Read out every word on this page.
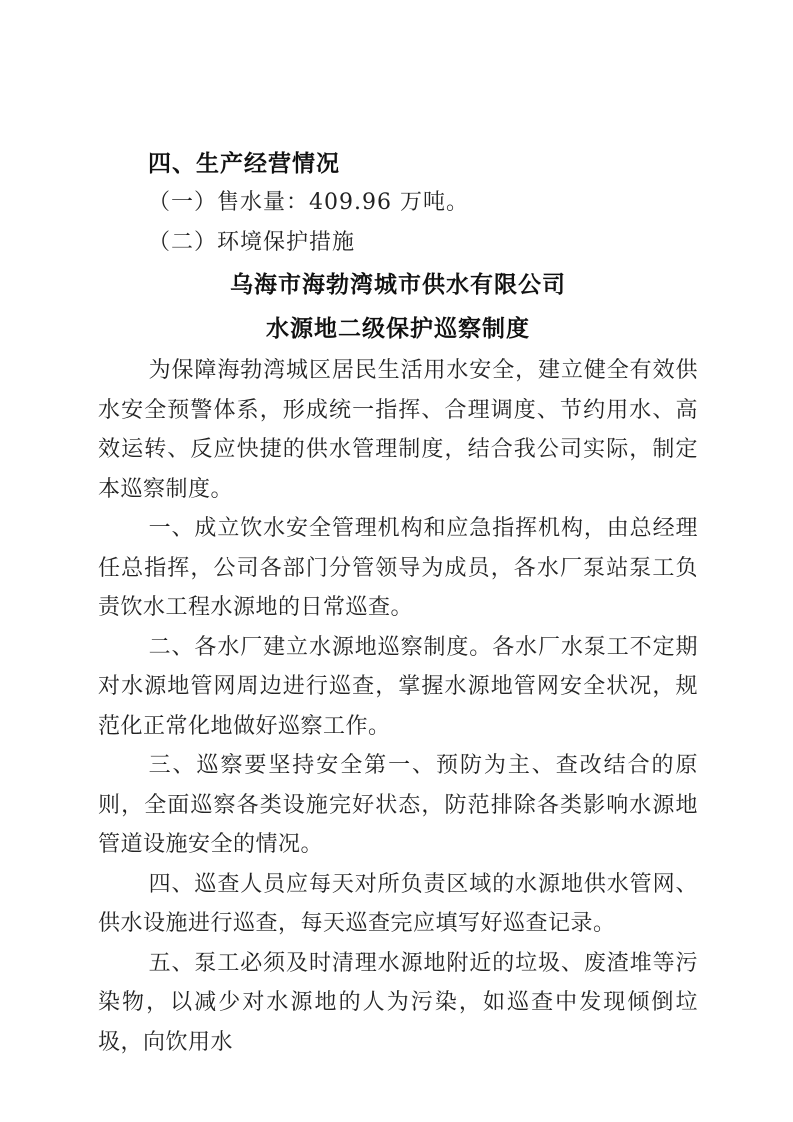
四、生产经营情况

（一）售水量：409.96 万吨。

（二）环境保护措施

乌海市海勃湾城市供水有限公司
水源地二级保护巡察制度

为保障海勃湾城区居民生活用水安全，建立健全有效供水安全预警体系，形成统一指挥、合理调度、节约用水、高效运转、反应快捷的供水管理制度，结合我公司实际，制定本巡察制度。

一、成立饮水安全管理机构和应急指挥机构，由总经理任总指挥，公司各部门分管领导为成员，各水厂泵站泵工负责饮水工程水源地的日常巡查。

二、各水厂建立水源地巡察制度。各水厂水泵工不定期对水源地管网周边进行巡查，掌握水源地管网安全状况，规范化正常化地做好巡察工作。

三、巡察要坚持安全第一、预防为主、查改结合的原则，全面巡察各类设施完好状态，防范排除各类影响水源地管道设施安全的情况。

四、巡查人员应每天对所负责区域的水源地供水管网、供水设施进行巡查，每天巡查完应填写好巡查记录。

五、泵工必须及时清理水源地附近的垃圾、废渣堆等污染物，以减少对水源地的人为污染，如巡查中发现倾倒垃圾，向饮用水
